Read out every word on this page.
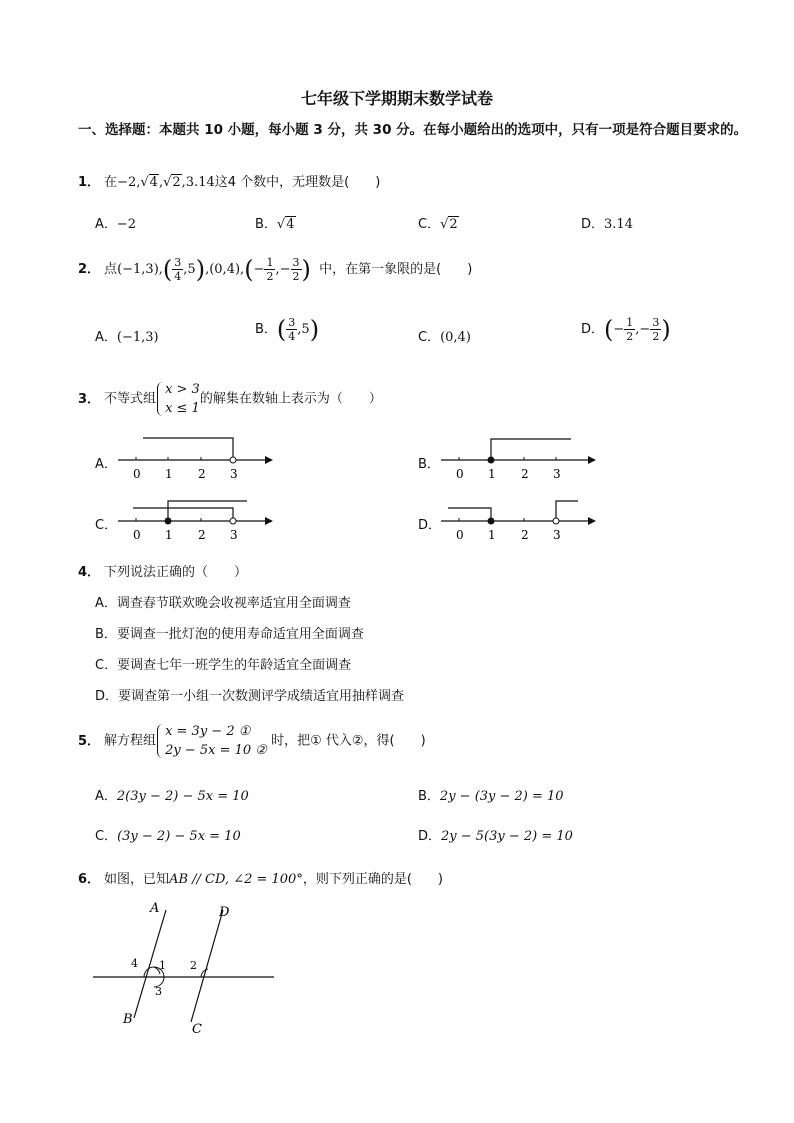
七年级下学期期末数学试卷
一、选择题：本题共 10 小题，每小题 3 分，共 30 分。在每小题给出的选项中，只有一项是符合题目要求的。
1． 在−2,√4,√2,3.14这4 个数中，无理数是(　　)
A．−2	B．√4	C．√2	D．3.14
2． 点$(-1,3),( \frac{3}{4} ,5),(0,4),(- \frac{1}{2}$ ,− $\frac{3}{2}$ ) 中，在第一象限的是(　　)
A．(−1,3)
B．( $\frac{3}{4} ,5$)	C．(0,4)
D．(− $\frac{1}{2}$ ,− $\frac{3}{2}$ )
3． 不等式组
x > 3
x ≤ 1
的解集在数轴上表示为（　　）
A．	B．
C．	D．
0 1 2 3	0 1 2 3
0 1 2 3	0 1 2 3
4． 下列说法正确的（　　）
A．调查春节联欢晚会收视率适宜用全面调查
B．要调查一批灯泡的使用寿命适宜用全面调查
C．要调查七年一班学生的年龄适宜全面调查
D．要调查第一小组一次数测评学成绩适宜用抽样调查
5． 解方程组
x = 3y − 2 ①
2y − 5x = 10 ②
时，把① 代入②，得(　　)
A．2(3y − 2) − 5x = 10	B．2y − (3y − 2) = 10
C．(3y − 2) − 5x = 10	D．2y − 5(3y − 2) = 10
6． 如图，已知AB // CD, ∠2 = 100°，则下列正确的是(　　)
A
B
C
D
1 2
3
4
